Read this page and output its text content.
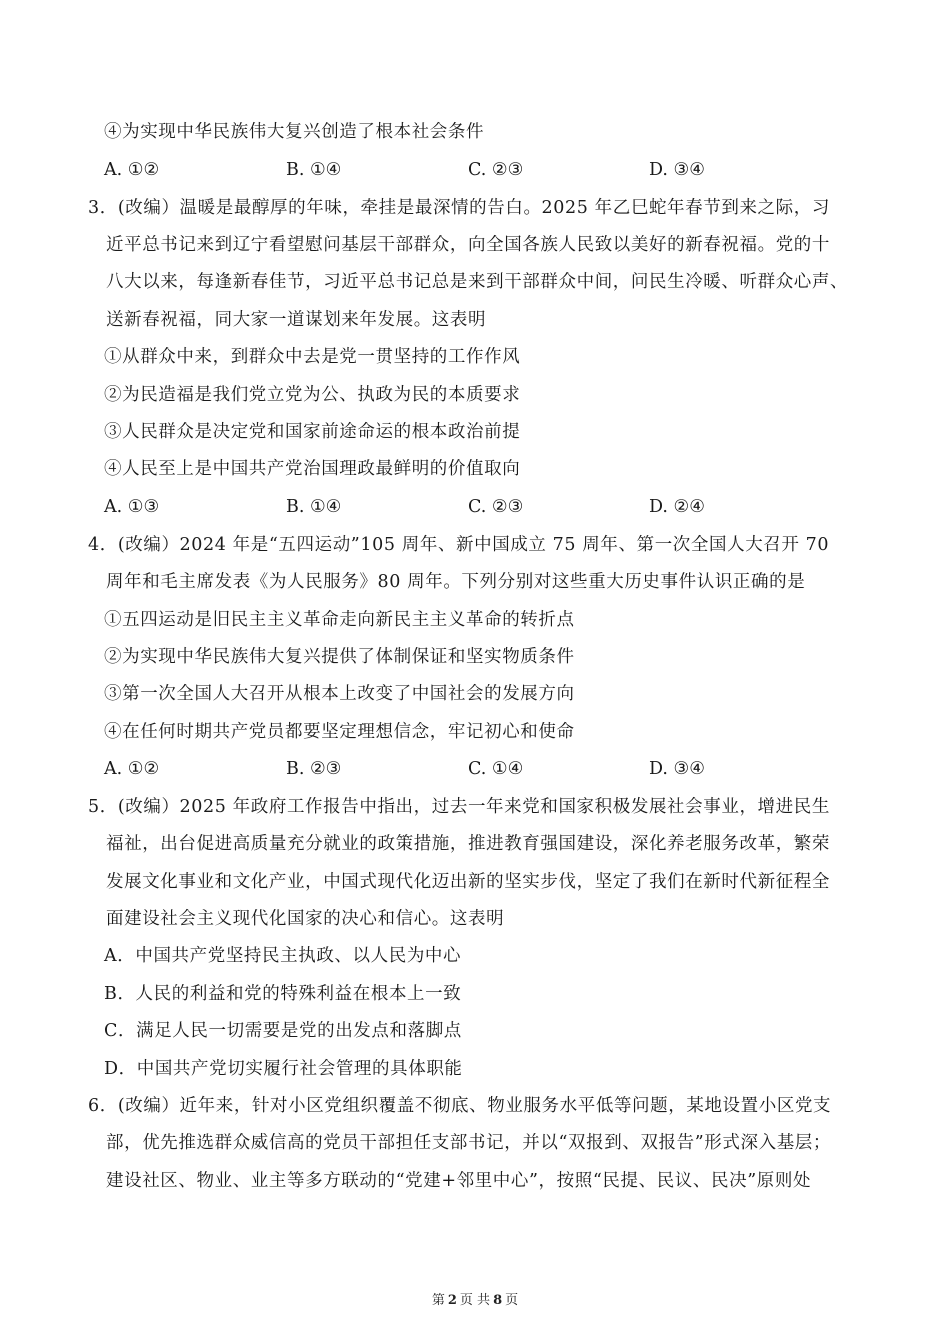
④为实现中华民族伟大复兴创造了根本社会条件
A. ①②	B. ①④	C. ②③	D. ③④
3．(改编）温暖是最醇厚的年味，牵挂是最深情的告白。2025 年乙巳蛇年春节到来之际，习
近平总书记来到辽宁看望慰问基层干部群众，向全国各族人民致以美好的新春祝福。党的十
八大以来，每逢新春佳节，习近平总书记总是来到干部群众中间，问民生冷暖、听群众心声、
送新春祝福，同大家一道谋划来年发展。这表明
①从群众中来，到群众中去是党一贯坚持的工作作风
②为民造福是我们党立党为公、执政为民的本质要求
③人民群众是决定党和国家前途命运的根本政治前提
④人民至上是中国共产党治国理政最鲜明的价值取向
A. ①③	B. ①④	C. ②③	D. ②④
4．(改编）2024 年是“五四运动”105 周年、新中国成立 75 周年、第一次全国人大召开 70
周年和毛主席发表《为人民服务》80 周年。下列分别对这些重大历史事件认识正确的是
①五四运动是旧民主主义革命走向新民主主义革命的转折点
②为实现中华民族伟大复兴提供了体制保证和坚实物质条件
③第一次全国人大召开从根本上改变了中国社会的发展方向
④在任何时期共产党员都要坚定理想信念，牢记初心和使命
A. ①②	B. ②③	C. ①④	D. ③④
5．(改编）2025 年政府工作报告中指出，过去一年来党和国家积极发展社会事业，增进民生
福祉，出台促进高质量充分就业的政策措施，推进教育强国建设，深化养老服务改革，繁荣
发展文化事业和文化产业，中国式现代化迈出新的坚实步伐，坚定了我们在新时代新征程全
面建设社会主义现代化国家的决心和信心。这表明
A．中国共产党坚持民主执政、以人民为中心
B．人民的利益和党的特殊利益在根本上一致
C．满足人民一切需要是党的出发点和落脚点
D．中国共产党切实履行社会管理的具体职能
6．(改编）近年来，针对小区党组织覆盖不彻底、物业服务水平低等问题，某地设置小区党支
部，优先推选群众威信高的党员干部担任支部书记，并以“双报到、双报告”形式深入基层；
建设社区、物业、业主等多方联动的“党建+邻里中心”，按照“民提、民议、民决”原则处
第 2 页 共 8 页
